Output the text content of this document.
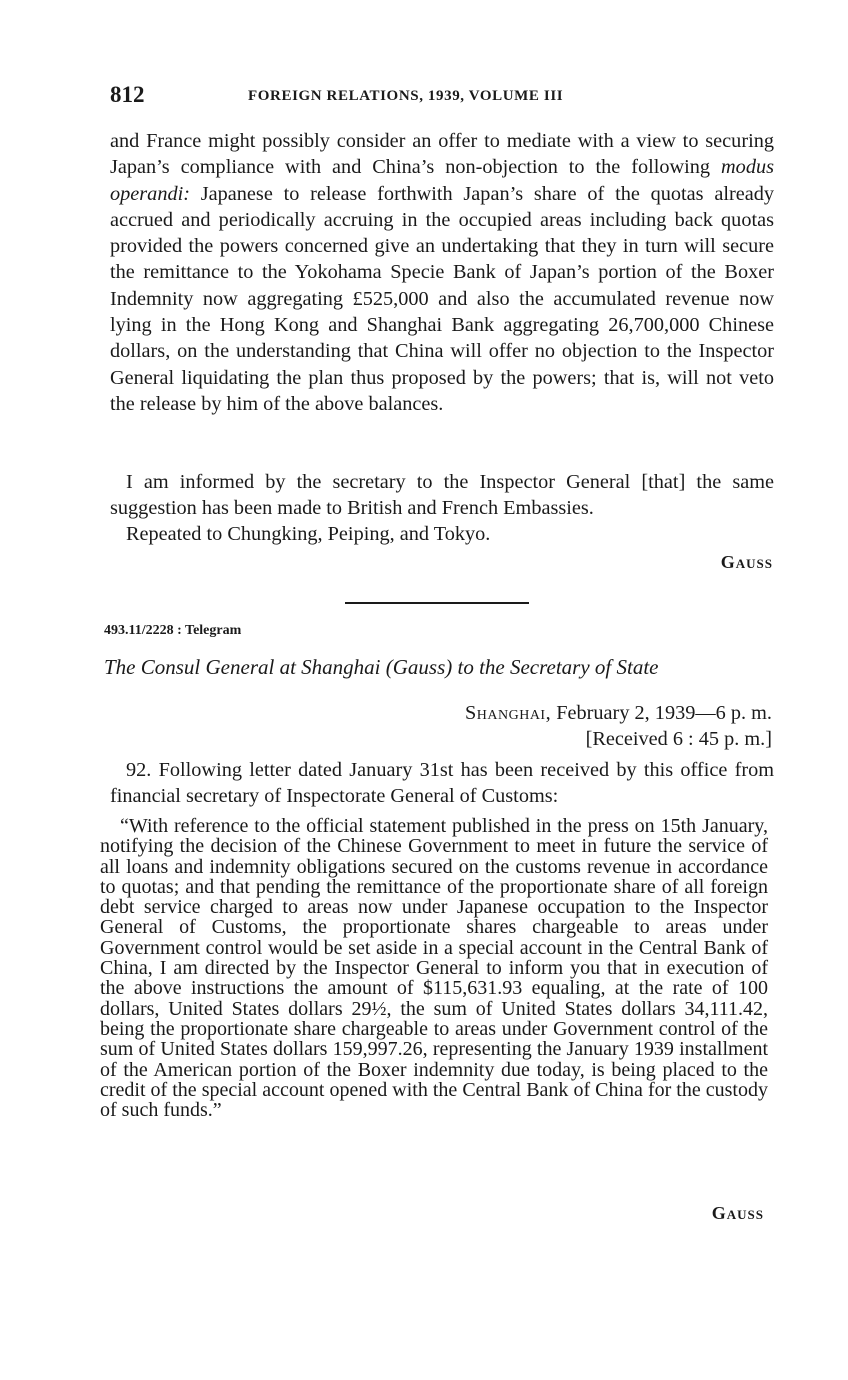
812	FOREIGN RELATIONS, 1939, VOLUME III

and France might possibly consider an offer to mediate with a view to securing Japan’s compliance with and China’s non-objection to the following modus operandi: Japanese to release forthwith Japan’s share of the quotas already accrued and periodically accruing in the occupied areas including back quotas provided the powers concerned give an undertaking that they in turn will secure the remittance to the Yokohama Specie Bank of Japan’s portion of the Boxer Indemnity now aggregating £525,000 and also the accumulated revenue now lying in the Hong Kong and Shanghai Bank aggregating 26,700,000 Chinese dollars, on the understanding that China will offer no objection to the Inspector General liquidating the plan thus proposed by the powers; that is, will not veto the release by him of the above balances.

I am informed by the secretary to the Inspector General [that] the same suggestion has been made to British and French Embassies.

Repeated to Chungking, Peiping, and Tokyo.

Gauss
493.11/2228 : Telegram
The Consul General at Shanghai (Gauss) to the Secretary of State
Shanghai, February 2, 1939—6 p. m.
[Received 6 : 45 p. m.]

92. Following letter dated January 31st has been received by this office from financial secretary of Inspectorate General of Customs:

“With reference to the official statement published in the press on 15th January, notifying the decision of the Chinese Government to meet in future the service of all loans and indemnity obligations secured on the customs revenue in accordance to quotas; and that pending the remittance of the proportionate share of all foreign debt service charged to areas now under Japanese occupation to the Inspector General of Customs, the proportionate shares chargeable to areas under Government control would be set aside in a special account in the Central Bank of China, I am directed by the Inspector General to inform you that in execution of the above instructions the amount of $115,631.93 equaling, at the rate of 100 dollars, United States dollars 29½, the sum of United States dollars 34,111.42, being the proportionate share chargeable to areas under Government control of the sum of United States dollars 159,997.26, representing the January 1939 installment of the American portion of the Boxer indemnity due today, is being placed to the credit of the special account opened with the Central Bank of China for the custody of such funds.”

Gauss
